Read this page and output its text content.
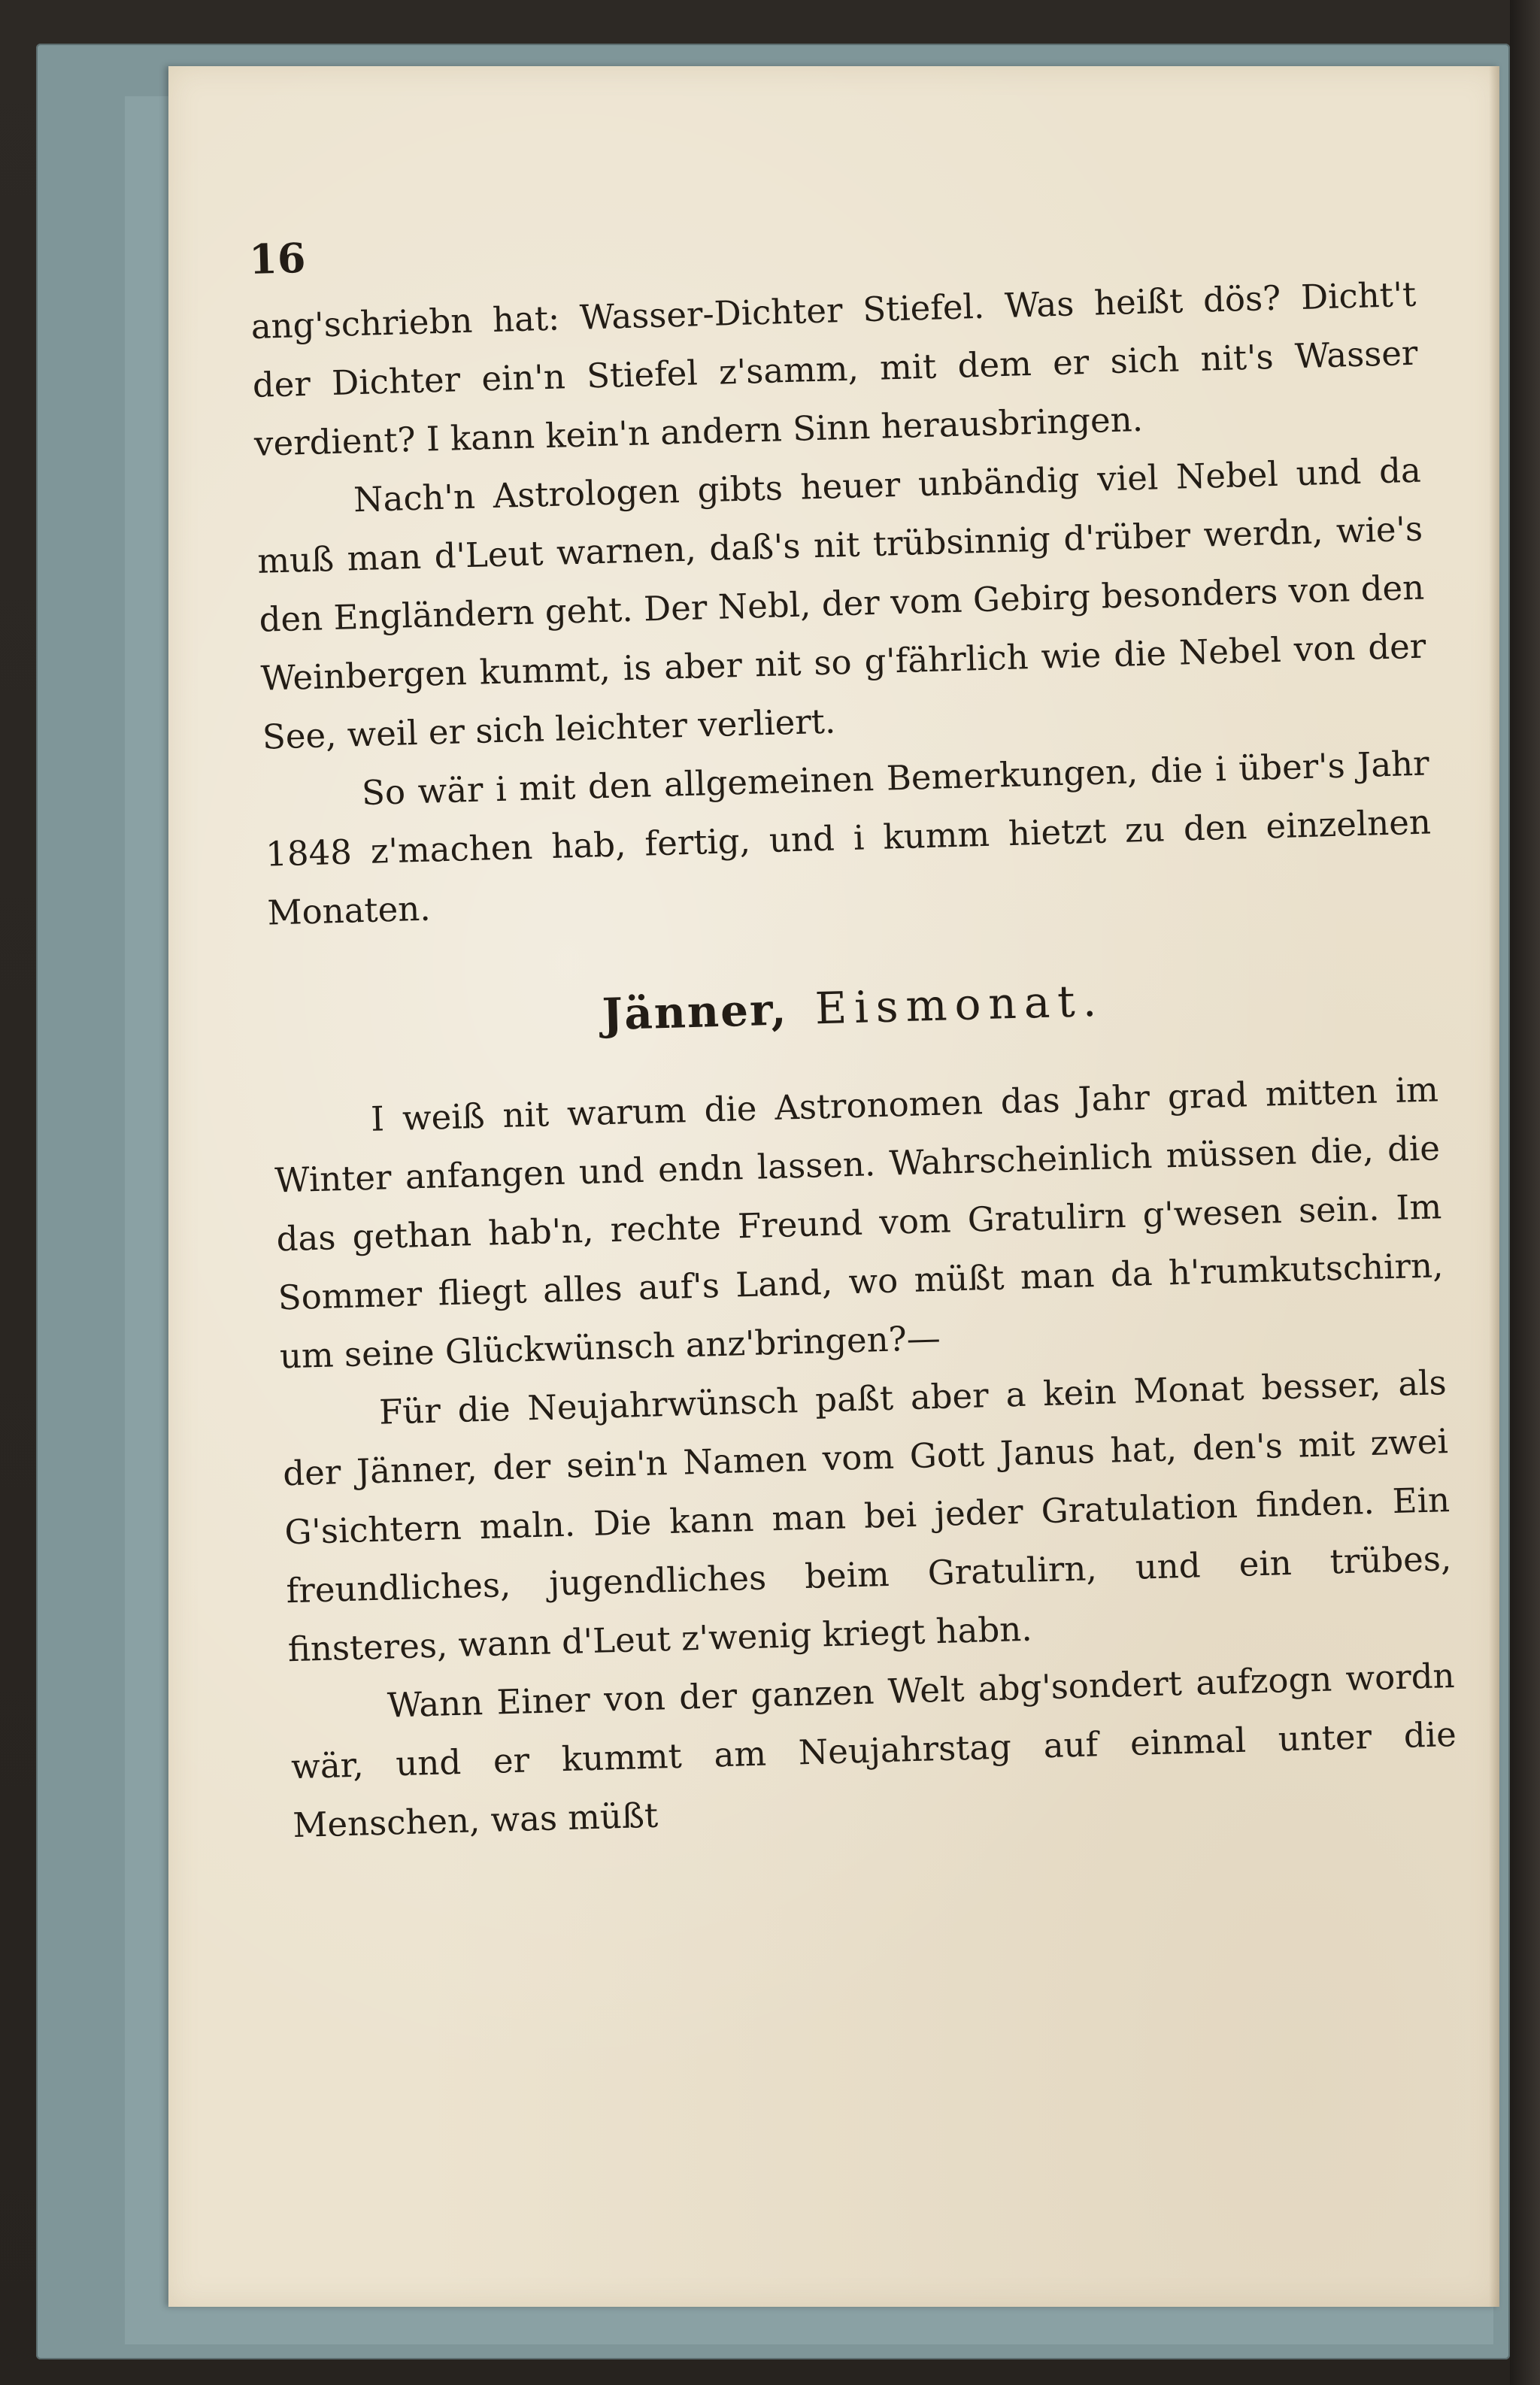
16

ang'schriebn hat: Wasser-Dichter Stiefel. Was heißt dös? Dicht't der Dichter ein'n Stiefel z'samm, mit dem er sich nit's Wasser verdient? I kann kein'n andern Sinn herausbringen.

Nach'n Astrologen gibts heuer unbändig viel Nebel und da muß man d'Leut warnen, daß's nit trübsinnig d'rüber werdn, wie's den Engländern geht. Der Nebl, der vom Gebirg besonders von den Weinbergen kummt, is aber nit so g'fährlich wie die Nebel von der See, weil er sich leichter verliert.

So wär i mit den allgemeinen Bemerkungen, die i über's Jahr 1848 z'machen hab, fertig, und i kumm hietzt zu den einzelnen Monaten.

Jänner, Eismonat.

I weiß nit warum die Astronomen das Jahr grad mitten im Winter anfangen und endn lassen. Wahrscheinlich müssen die, die das gethan hab'n, rechte Freund vom Gratulirn g'wesen sein. Im Sommer fliegt alles auf's Land, wo müßt man da h'rumkutschirn, um seine Glückwünsch anz'bringen?—

Für die Neujahrwünsch paßt aber a kein Monat besser, als der Jänner, der sein'n Namen vom Gott Janus hat, den's mit zwei G'sichtern maln. Die kann man bei jeder Gratulation finden. Ein freundliches, jugendliches beim Gratulirn, und ein trübes, finsteres, wann d'Leut z'wenig kriegt habn.

Wann Einer von der ganzen Welt abg'sondert aufzogn wordn wär, und er kummt am Neujahrstag auf einmal unter die Menschen, was müßt
